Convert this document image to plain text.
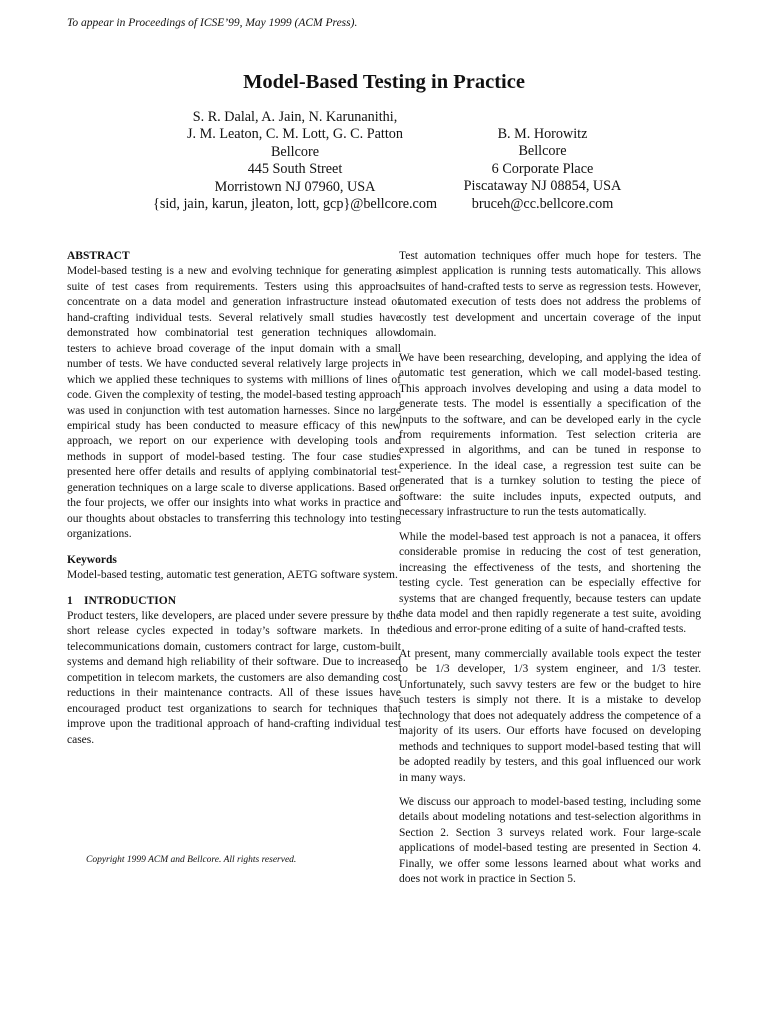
To appear in Proceedings of ICSE’99, May 1999 (ACM Press).
Model-Based Testing in Practice
S. R. Dalal, A. Jain, N. Karunanithi,
J. M. Leaton, C. M. Lott, G. C. Patton
Bellcore
445 South Street
Morristown NJ 07960, USA
{sid, jain, karun, jleaton, lott, gcp}@bellcore.com
B. M. Horowitz
Bellcore
6 Corporate Place
Piscataway NJ 08854, USA
bruceh@cc.bellcore.com
ABSTRACT

Model-based testing is a new and evolving technique for generating a suite of test cases from requirements. Testers using this approach concentrate on a data model and generation infrastructure instead of hand-crafting individual tests. Several relatively small studies have demonstrated how combinatorial test generation techniques allow testers to achieve broad coverage of the input domain with a small number of tests. We have conducted several relatively large projects in which we applied these techniques to systems with millions of lines of code. Given the complexity of testing, the model-based testing approach was used in conjunction with test automation harnesses. Since no large empirical study has been conducted to measure efficacy of this new approach, we report on our experience with developing tools and methods in support of model-based testing. The four case studies presented here offer details and results of applying combinatorial test-generation techniques on a large scale to diverse applications. Based on the four projects, we offer our insights into what works in practice and our thoughts about obstacles to transferring this technology into testing organizations.

Keywords

Model-based testing, automatic test generation, AETG software system.

1 INTRODUCTION

Product testers, like developers, are placed under severe pressure by the short release cycles expected in today’s software markets. In the telecommunications domain, customers contract for large, custom-built systems and demand high reliability of their software. Due to increased competition in telecom markets, the customers are also demanding cost reductions in their maintenance contracts. All of these issues have encouraged product test organizations to search for techniques that improve upon the traditional approach of hand-crafting individual test cases.

Copyright 1999 ACM and Bellcore. All rights reserved.

Test automation techniques offer much hope for testers. The simplest application is running tests automatically. This allows suites of hand-crafted tests to serve as regression tests. However, automated execution of tests does not address the problems of costly test development and uncertain coverage of the input domain.

We have been researching, developing, and applying the idea of automatic test generation, which we call model-based testing. This approach involves developing and using a data model to generate tests. The model is essentially a specification of the inputs to the software, and can be developed early in the cycle from requirements information. Test selection criteria are expressed in algorithms, and can be tuned in response to experience. In the ideal case, a regression test suite can be generated that is a turnkey solution to testing the piece of software: the suite includes inputs, expected outputs, and necessary infrastructure to run the tests automatically.

While the model-based test approach is not a panacea, it offers considerable promise in reducing the cost of test generation, increasing the effectiveness of the tests, and shortening the testing cycle. Test generation can be especially effective for systems that are changed frequently, because testers can update the data model and then rapidly regenerate a test suite, avoiding tedious and error-prone editing of a suite of hand-crafted tests.

At present, many commercially available tools expect the tester to be 1/3 developer, 1/3 system engineer, and 1/3 tester. Unfortunately, such savvy testers are few or the budget to hire such testers is simply not there. It is a mistake to develop technology that does not adequately address the competence of a majority of its users. Our efforts have focused on developing methods and techniques to support model-based testing that will be adopted readily by testers, and this goal influenced our work in many ways.

We discuss our approach to model-based testing, including some details about modeling notations and test-selection algorithms in Section 2. Section 3 surveys related work. Four large-scale applications of model-based testing are presented in Section 4. Finally, we offer some lessons learned about what works and does not work in practice in Section 5.
